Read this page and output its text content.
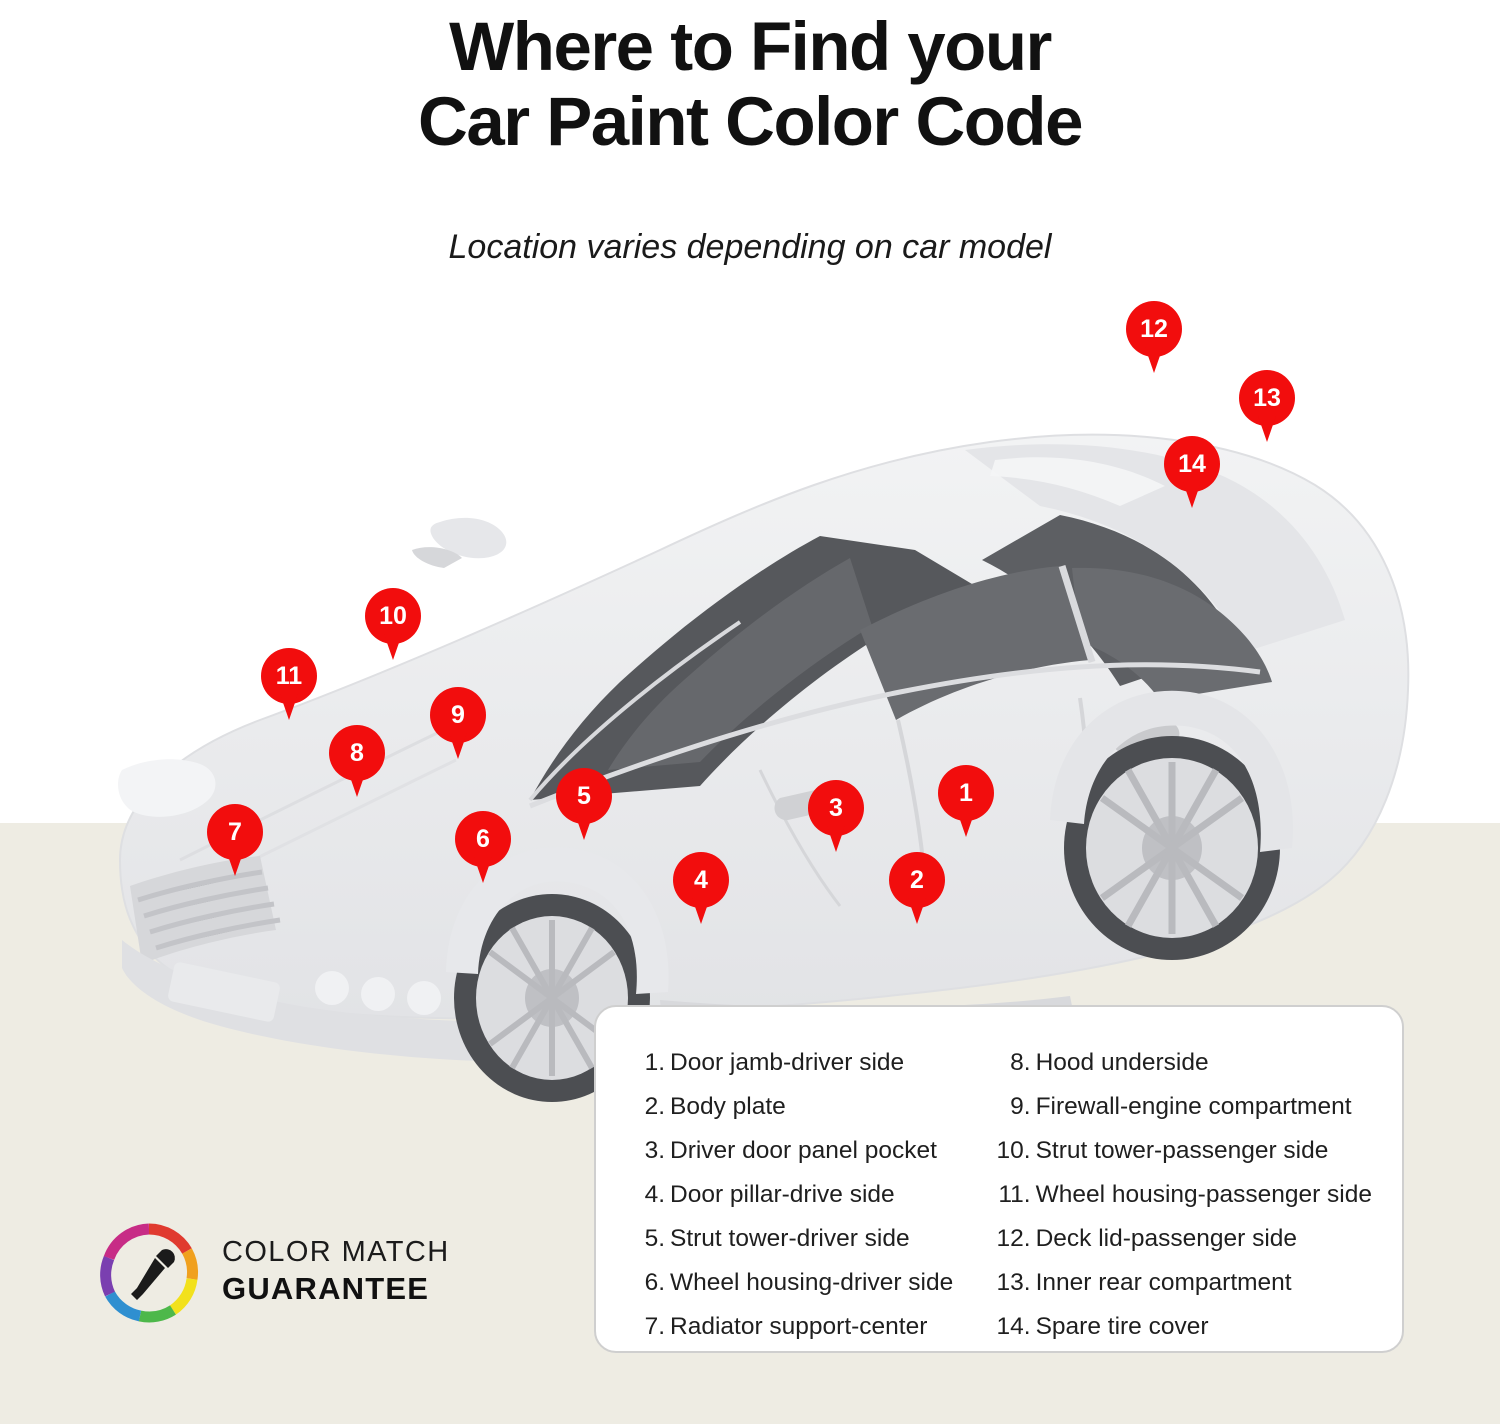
Where to Find your
Car Paint Color Code
Location varies depending on car model
1
2
3
4
5
6
7
8
9
10
11
12
13
14
1. Door jamb-driver side
2. Body plate
3. Driver door panel pocket
4. Door pillar-drive side
5. Strut tower-driver side
6. Wheel housing-driver side
7. Radiator support-center
8. Hood underside
9. Firewall-engine compartment
10. Strut tower-passenger side
11. Wheel housing-passenger side
12. Deck lid-passenger side
13. Inner rear compartment
14. Spare tire cover
COLOR MATCH
GUARANTEE
